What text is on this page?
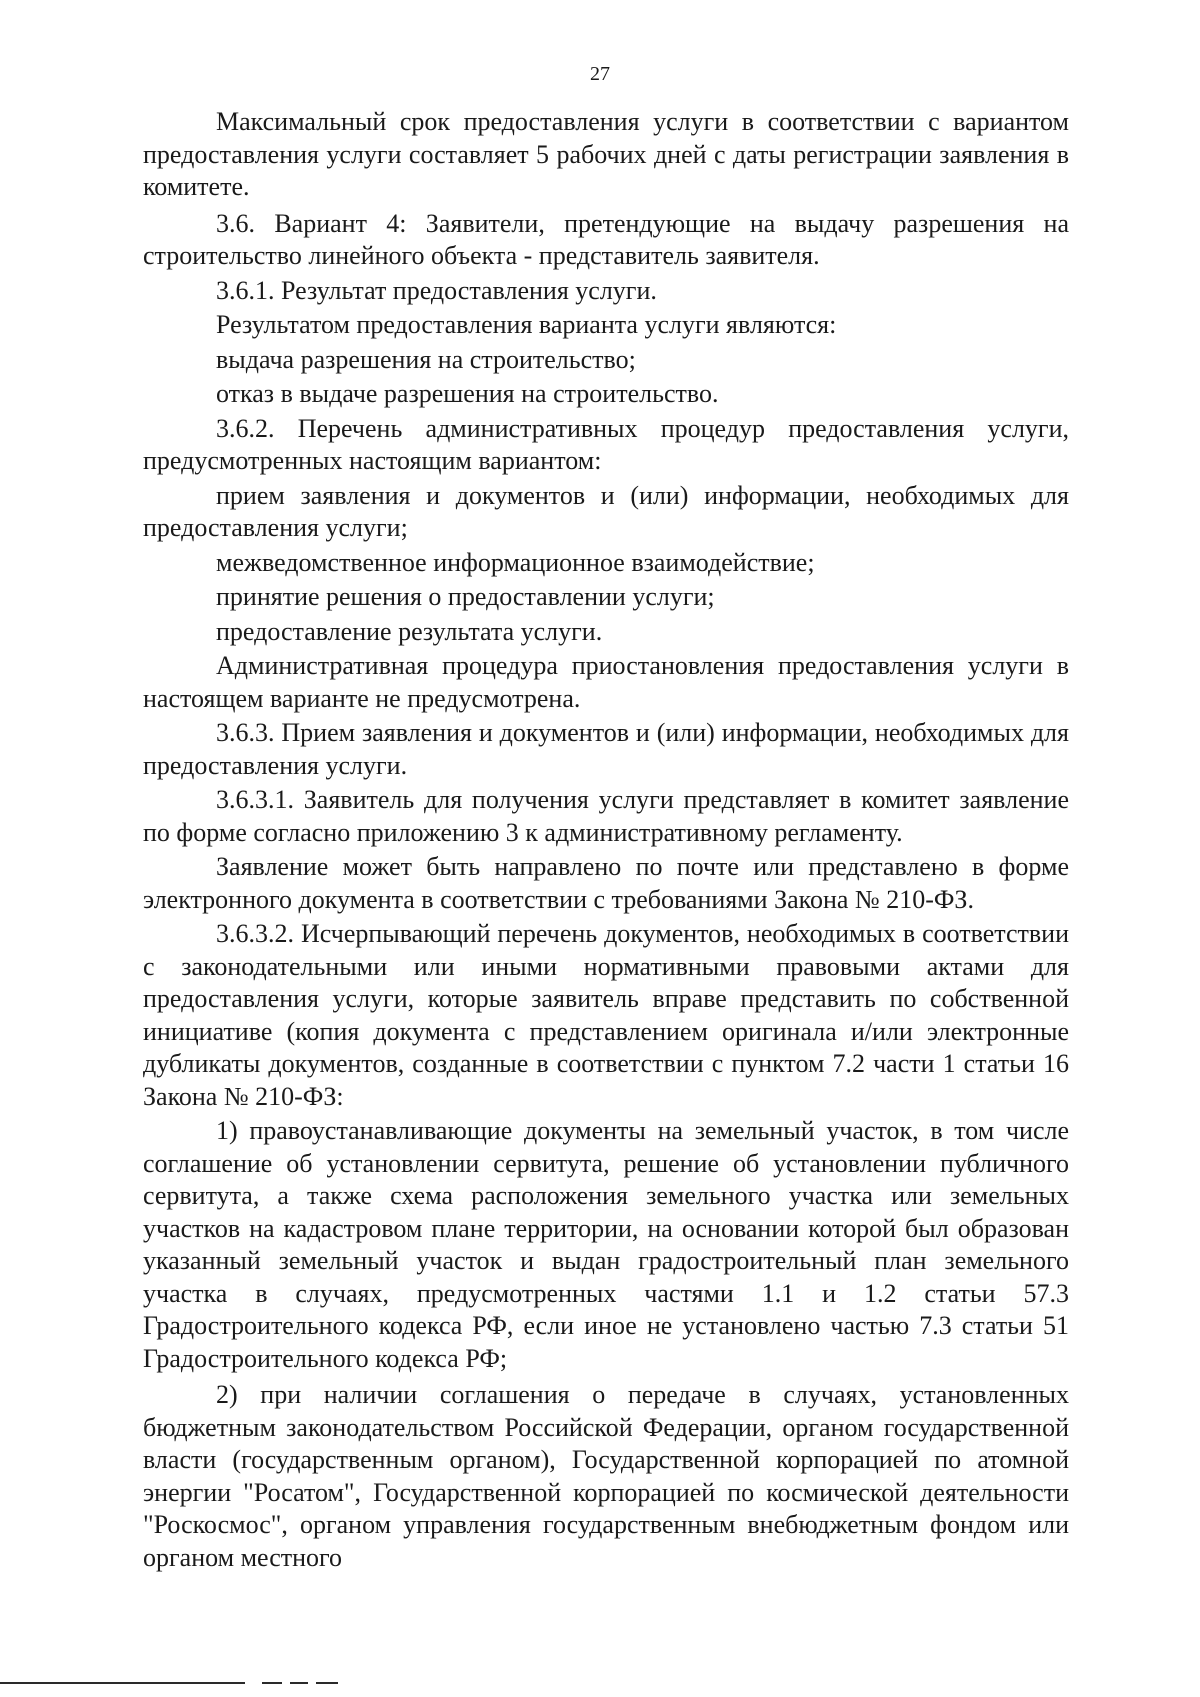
27

Максимальный срок предоставления услуги в соответствии с вариантом предоставления услуги составляет 5 рабочих дней с даты регистрации заявления в комитете.

3.6. Вариант 4: Заявители, претендующие на выдачу разрешения на строительство линейного объекта - представитель заявителя.

3.6.1. Результат предоставления услуги.

Результатом предоставления варианта услуги являются:

выдача разрешения на строительство;

отказ в выдаче разрешения на строительство.

3.6.2. Перечень административных процедур предоставления услуги, предусмотренных настоящим вариантом:

прием заявления и документов и (или) информации, необходимых для предоставления услуги;

межведомственное информационное взаимодействие;

принятие решения о предоставлении услуги;

предоставление результата услуги.

Административная процедура приостановления предоставления услуги в настоящем варианте не предусмотрена.

3.6.3. Прием заявления и документов и (или) информации, необходимых для предоставления услуги.

3.6.3.1. Заявитель для получения услуги представляет в комитет заявление по форме согласно приложению 3 к административному регламенту.

Заявление может быть направлено по почте или представлено в форме электронного документа в соответствии с требованиями Закона № 210-ФЗ.

3.6.3.2. Исчерпывающий перечень документов, необходимых в соответствии с законодательными или иными нормативными правовыми актами для предоставления услуги, которые заявитель вправе представить по собственной инициативе (копия документа с представлением оригинала и/или электронные дубликаты документов, созданные в соответствии с пунктом 7.2 части 1 статьи 16 Закона № 210-ФЗ:

1) правоустанавливающие документы на земельный участок, в том числе соглашение об установлении сервитута, решение об установлении публичного сервитута, а также схема расположения земельного участка или земельных участков на кадастровом плане территории, на основании которой был образован указанный земельный участок и выдан градостроительный план земельного участка в случаях, предусмотренных частями 1.1 и 1.2 статьи 57.3 Градостроительного кодекса РФ, если иное не установлено частью 7.3 статьи 51 Градостроительного кодекса РФ;

2) при наличии соглашения о передаче в случаях, установленных бюджетным законодательством Российской Федерации, органом государственной власти (государственным органом), Государственной корпорацией по атомной энергии "Росатом", Государственной корпорацией по космической деятельности "Роскосмос", органом управления государственным внебюджетным фондом или органом местного
